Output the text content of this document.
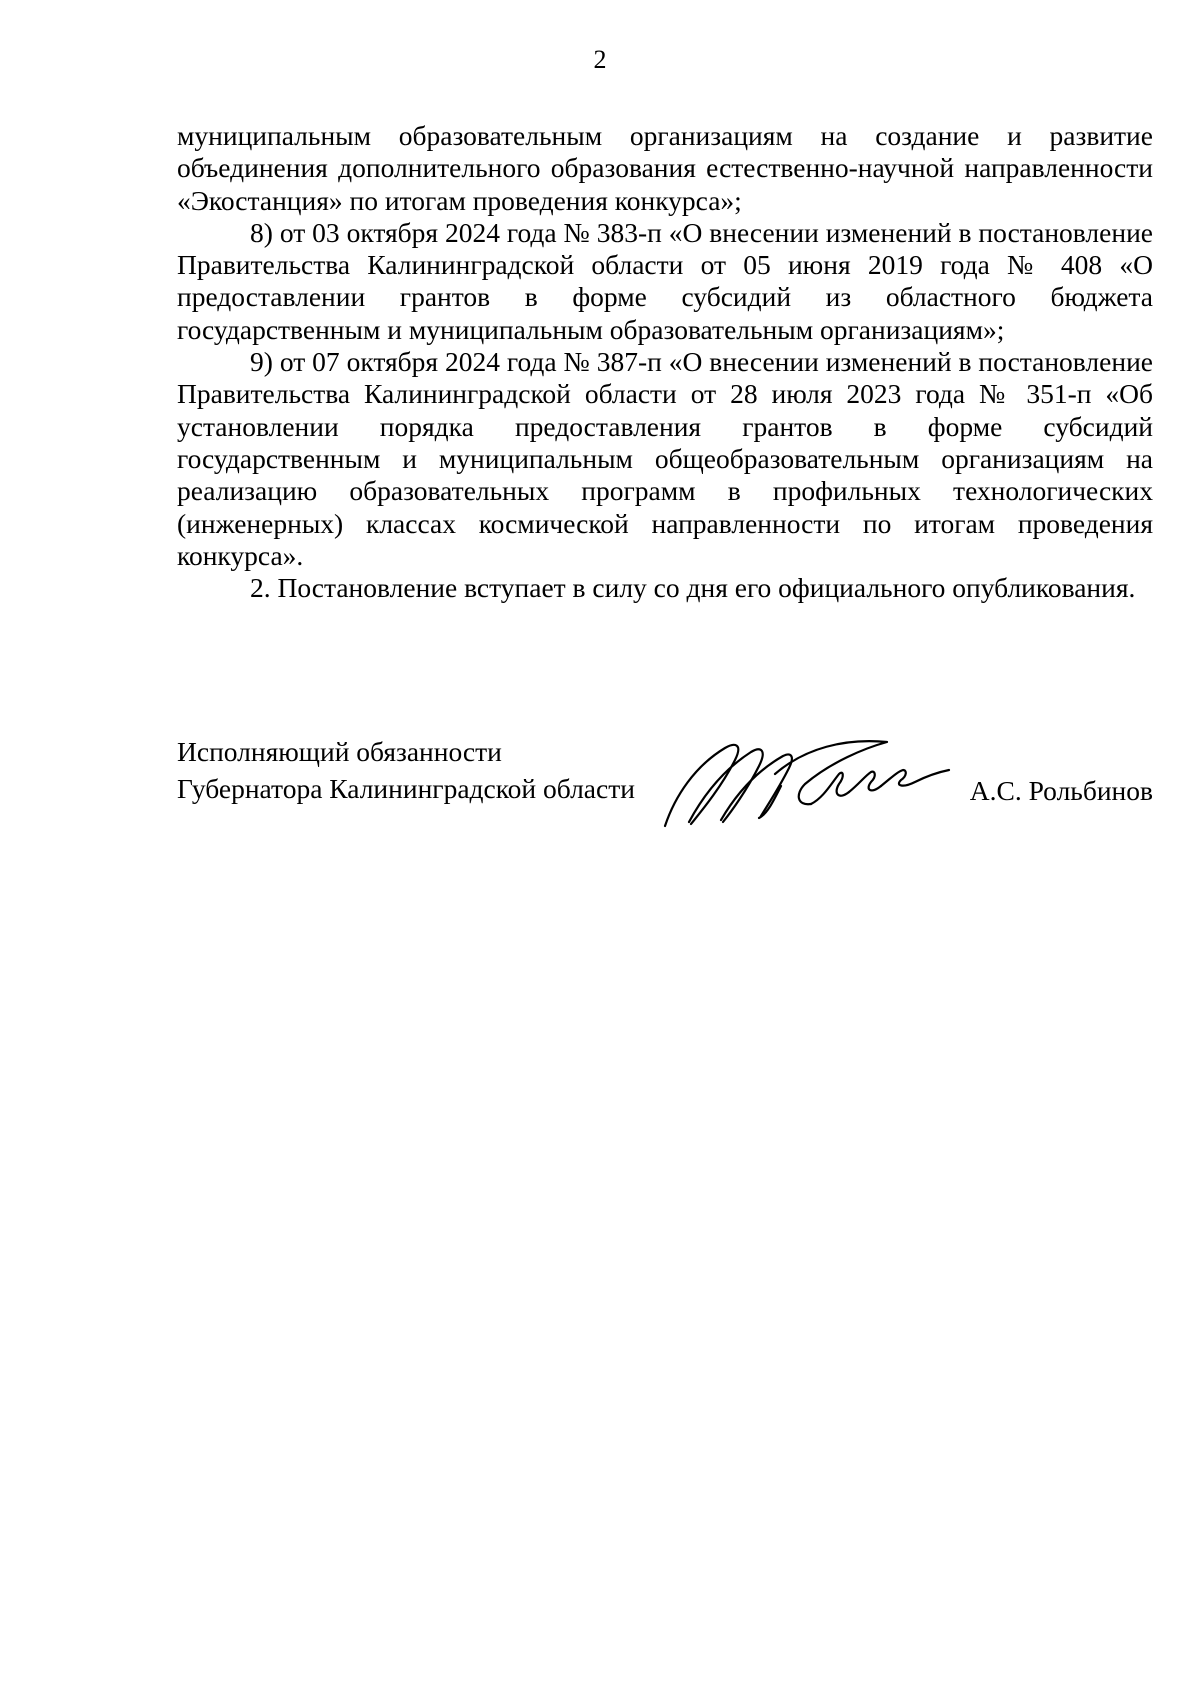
2

муниципальным образовательным организациям на создание и развитие объединения дополнительного образования естественно-научной направленности «Экостанция» по итогам проведения конкурса»;

8) от 03 октября 2024 года № 383-п «О внесении изменений в постановление Правительства Калининградской области от 05 июня 2019 года № 408 «О предоставлении грантов в форме субсидий из областного бюджета государственным и муниципальным образовательным организациям»;

9) от 07 октября 2024 года № 387-п «О внесении изменений в постановление Правительства Калининградской области от 28 июля 2023 года № 351-п «Об установлении порядка предоставления грантов в форме субсидий государственным и муниципальным общеобразовательным организациям на реализацию образовательных программ в профильных технологических (инженерных) классах космической направленности по итогам проведения конкурса».

2. Постановление вступает в силу со дня его официального опубликования.

Исполняющий обязанности
Губернатора Калининградской области	А.С. Рольбинов
